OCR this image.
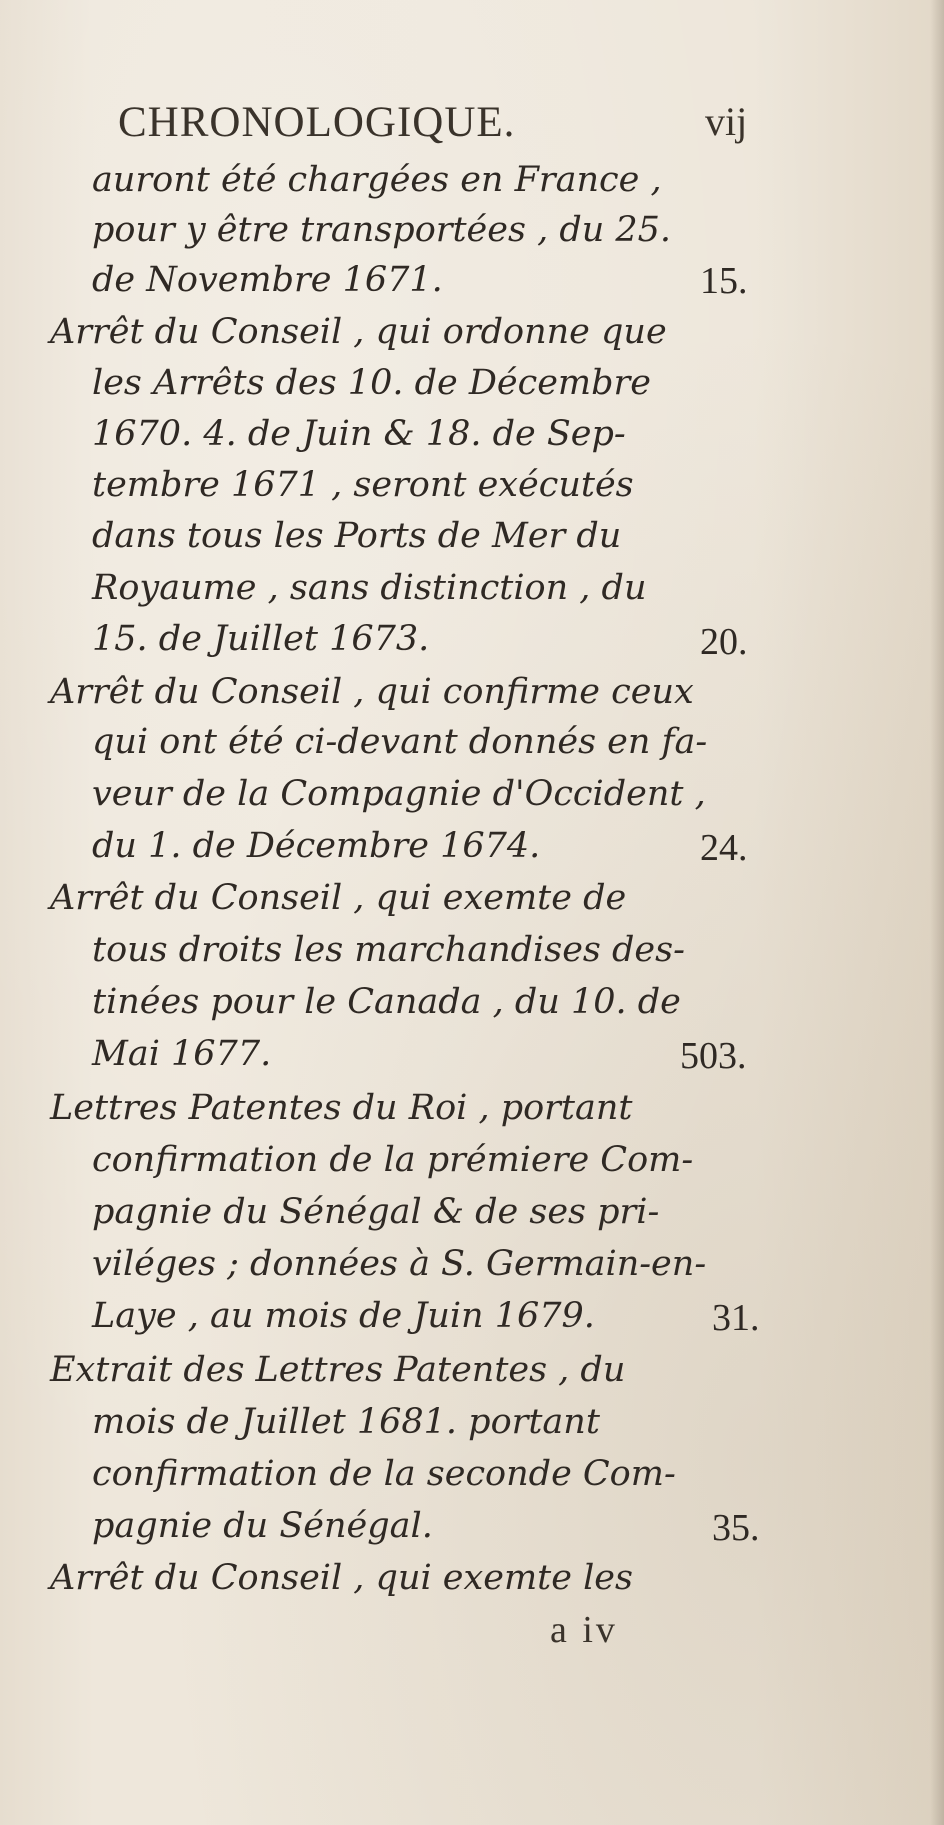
CHRONOLOGIQUE.	vij
auront été chargées en France ,
pour y être transportées , du 25.
de Novembre 1671.	15.
Arrêt du Conseil , qui ordonne que
les Arrêts des 10. de Décembre
1670. 4. de Juin & 18. de Sep-
tembre 1671 , seront exécutés
dans tous les Ports de Mer du
Royaume , sans distinction , du
15. de Juillet 1673.	20.
Arrêt du Conseil , qui confirme ceux
qui ont été ci-devant donnés en fa-
veur de la Compagnie d'Occident ,
du 1. de Décembre 1674.	24.
Arrêt du Conseil , qui exemte de
tous droits les marchandises des-
tinées pour le Canada , du 10. de
Mai 1677.	503.
Lettres Patentes du Roi , portant
confirmation de la prémiere Com-
pagnie du Sénégal & de ses pri-
viléges ; données à S. Germain-en-
Laye , au mois de Juin 1679.	31.
Extrait des Lettres Patentes , du
mois de Juillet 1681. portant
confirmation de la seconde Com-
pagnie du Sénégal.	35.
Arrêt du Conseil , qui exemte les
a iv
